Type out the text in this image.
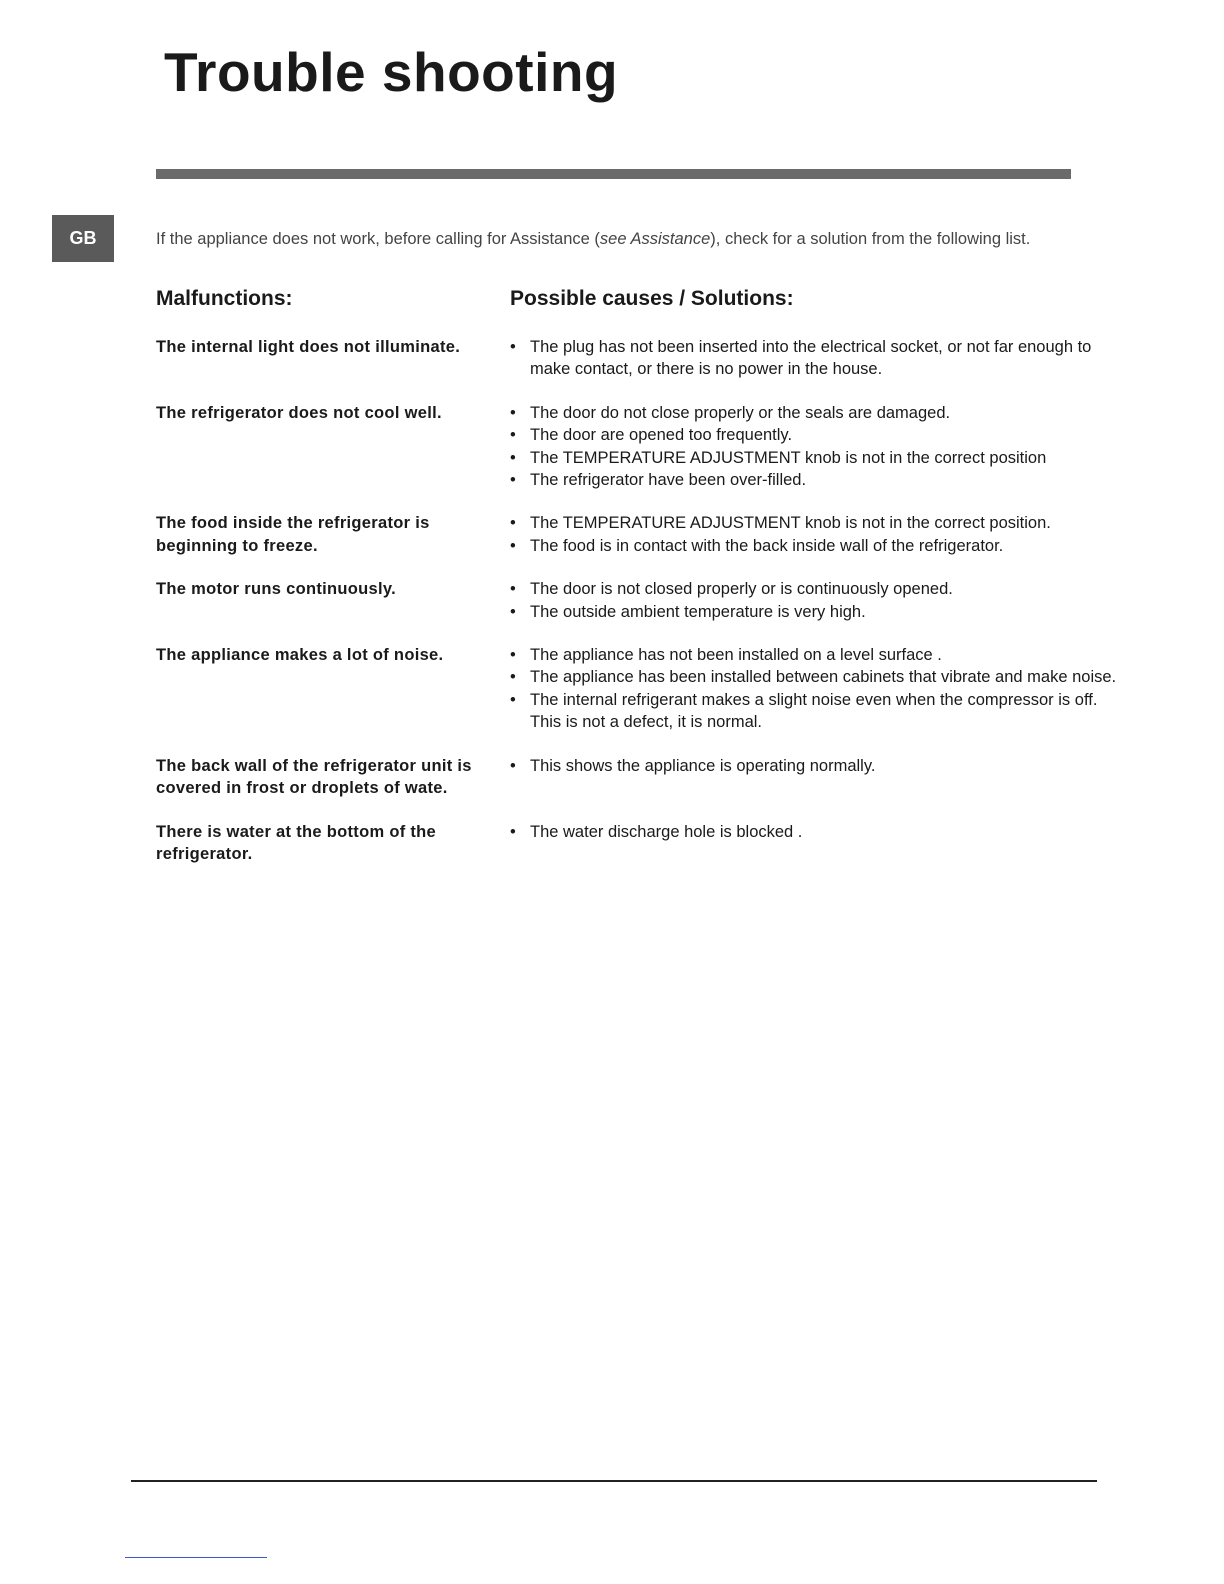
Trouble shooting
GB	If the appliance does not work, before calling for Assistance (see Assistance), check for a solution from the following list.

Malfunctions:	Possible causes / Solutions:
The internal light does not illuminate.	• The plug has not been inserted into the electrical socket, or not far enough to make contact, or there is no power in the house.
The refrigerator does not cool well.	• The door do not close properly or the seals are damaged.
• The door are opened too frequently.
• The TEMPERATURE ADJUSTMENT knob is not in the correct position
• The refrigerator have been over-filled.
The food inside the refrigerator is beginning to freeze.
• The TEMPERATURE ADJUSTMENT knob is not in the correct position.
• The food is in contact with the back inside wall of the refrigerator.
The motor runs continuously.	• The door is not closed properly or is continuously opened.
• The outside ambient temperature is very high.
The appliance makes a lot of noise.	• The appliance has not been installed on a level surface .
• The appliance has been installed between cabinets that vibrate and make noise.
• The internal refrigerant makes a slight noise even when the compressor is off. This is not a defect, it is normal.
The back wall of the refrigerator unit is covered in frost or droplets of wate.
• This shows the appliance is operating normally.
There is water at the bottom of the refrigerator.
• The water discharge hole is blocked .
